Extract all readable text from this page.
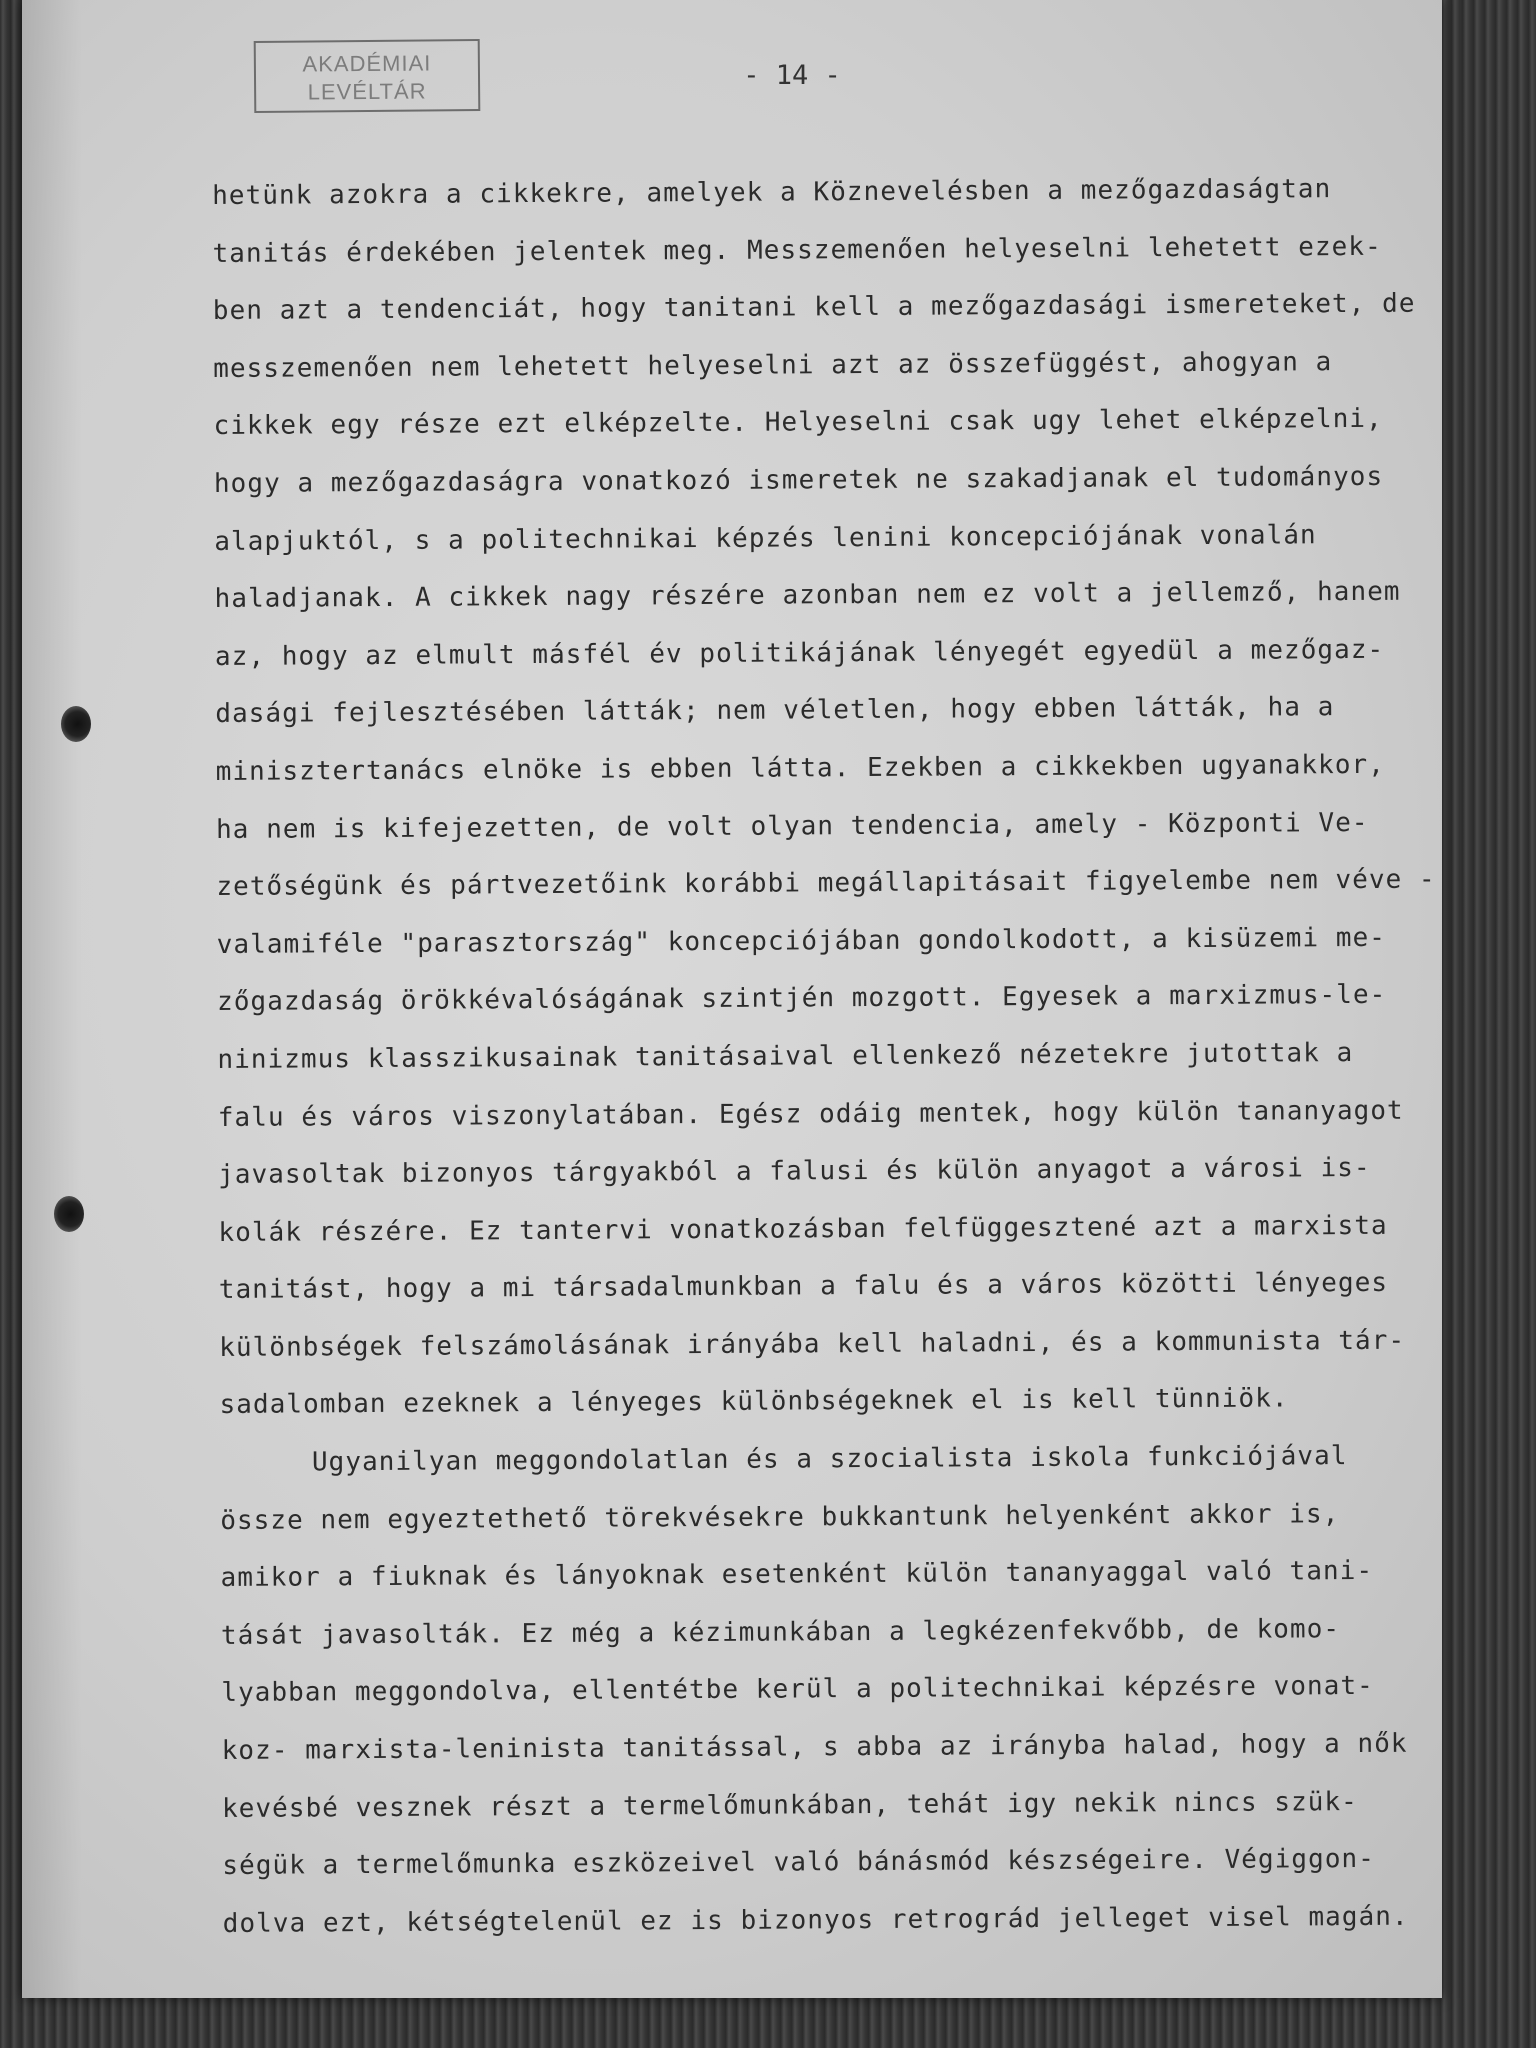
AKADÉMIAI
LEVÉLTÁR
- 14 -
hetünk azokra a cikkekre, amelyek a Köznevelésben a mezőgazdaságtan
tanitás érdekében jelentek meg. Messzemenően helyeselni lehetett ezek-
ben azt a tendenciát, hogy tanitani kell a mezőgazdasági ismereteket, de
messzemenően nem lehetett helyeselni azt az összefüggést, ahogyan a
cikkek egy része ezt elképzelte. Helyeselni csak ugy lehet elképzelni,
hogy a mezőgazdaságra vonatkozó ismeretek ne szakadjanak el tudományos
alapjuktól, s a politechnikai képzés lenini koncepciójának vonalán
haladjanak. A cikkek nagy részére azonban nem ez volt a jellemző, hanem
az, hogy az elmult másfél év politikájának lényegét egyedül a mezőgaz-
dasági fejlesztésében látták; nem véletlen, hogy ebben látták, ha a
minisztertanács elnöke is ebben látta. Ezekben a cikkekben ugyanakkor,
ha nem is kifejezetten, de volt olyan tendencia, amely - Központi Ve-
zetőségünk és pártvezetőink korábbi megállapitásait figyelembe nem véve -
valamiféle "parasztország" koncepciójában gondolkodott, a kisüzemi me-
zőgazdaság örökkévalóságának szintjén mozgott. Egyesek a marxizmus-le-
ninizmus klasszikusainak tanitásaival ellenkező nézetekre jutottak a
falu és város viszonylatában. Egész odáig mentek, hogy külön tananyagot
javasoltak bizonyos tárgyakból a falusi és külön anyagot a városi is-
kolák részére. Ez tantervi vonatkozásban felfüggesztené azt a marxista
tanitást, hogy a mi társadalmunkban a falu és a város közötti lényeges
különbségek felszámolásának irányába kell haladni, és a kommunista tár-
sadalomban ezeknek a lényeges különbségeknek el is kell tünniök.
Ugyanilyan meggondolatlan és a szocialista iskola funkciójával
össze nem egyeztethető törekvésekre bukkantunk helyenként akkor is,
amikor a fiuknak és lányoknak esetenként külön tananyaggal való tani-
tását javasolták. Ez még a kézimunkában a legkézenfekvőbb, de komo-
lyabban meggondolva, ellentétbe kerül a politechnikai képzésre vonat-
koz- marxista-leninista tanitással, s abba az irányba halad, hogy a nők
kevésbé vesznek részt a termelőmunkában, tehát igy nekik nincs szük-
ségük a termelőmunka eszközeivel való bánásmód készségeire. Végiggon-
dolva ezt, kétségtelenül ez is bizonyos retrográd jelleget visel magán.
